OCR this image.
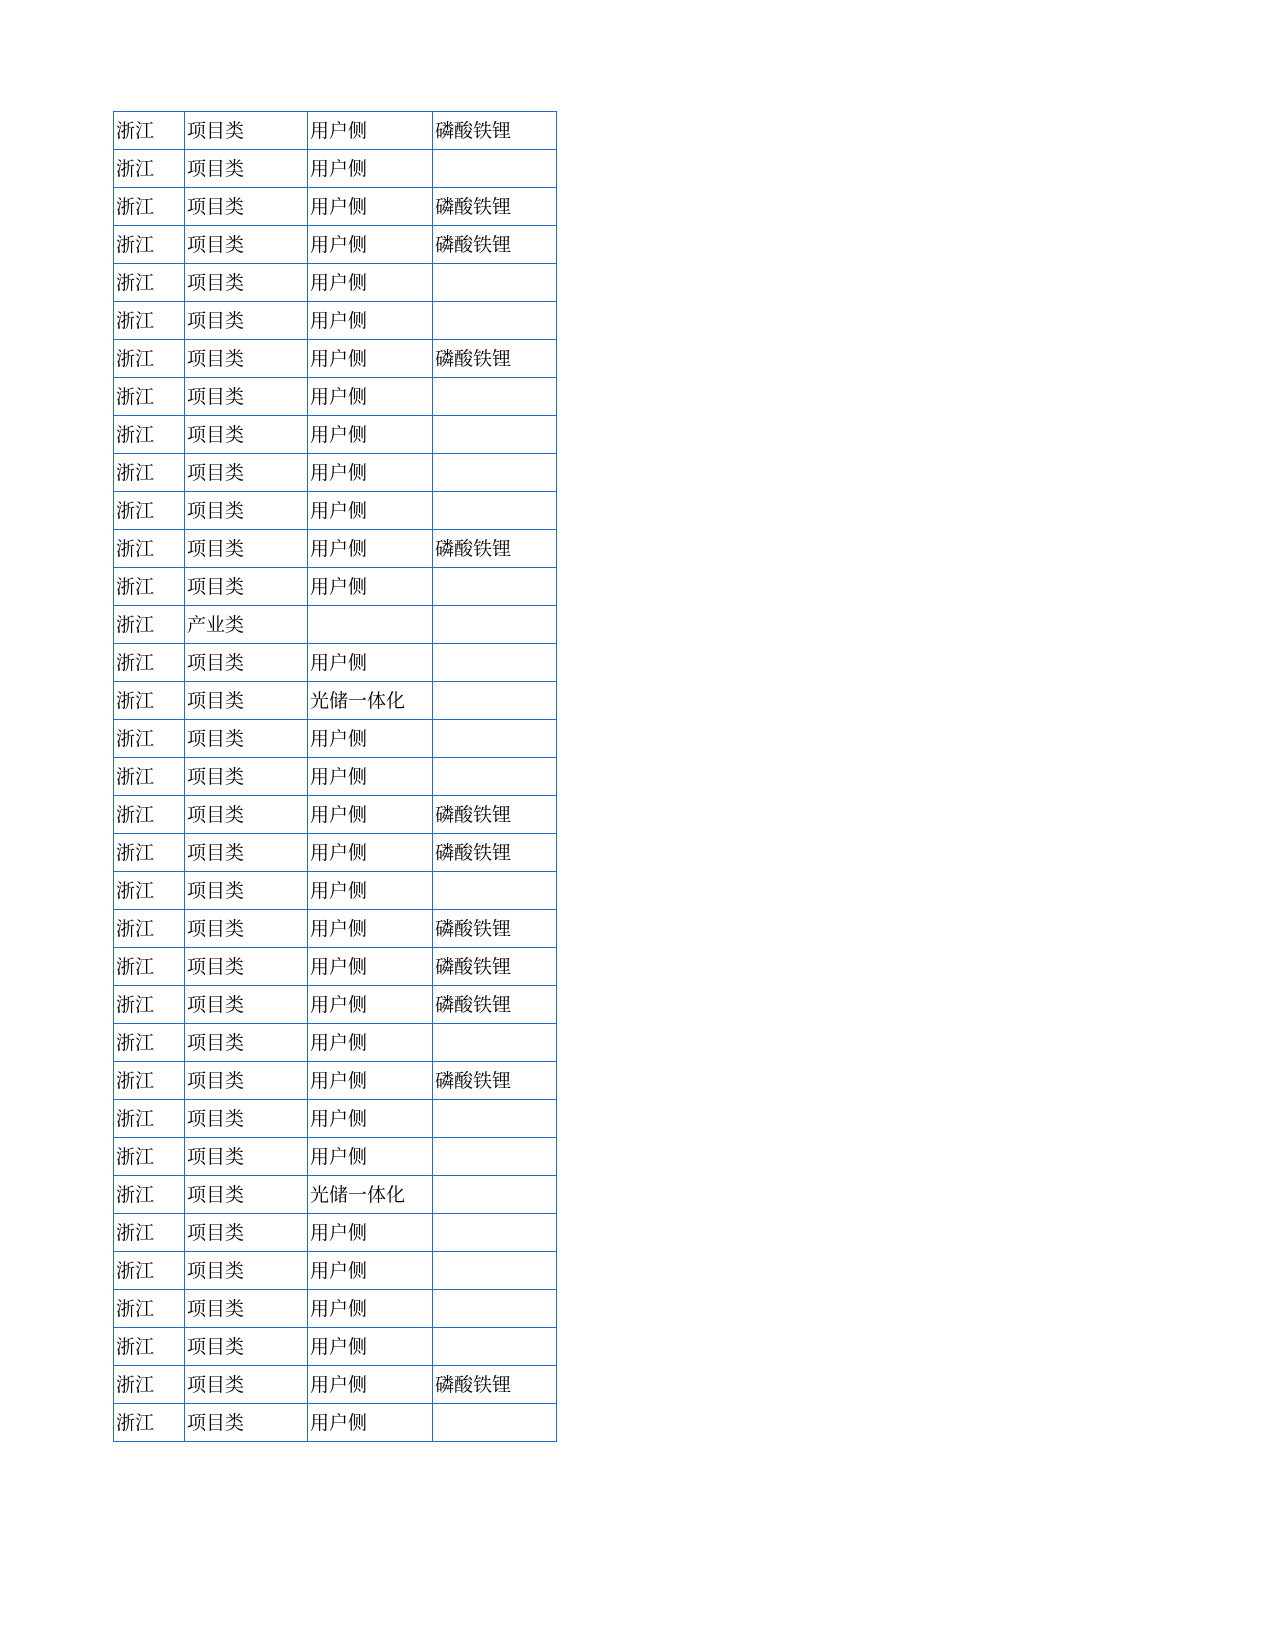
浙江	项目类	用户侧	磷酸铁锂
浙江	项目类	用户侧	
浙江	项目类	用户侧	磷酸铁锂
浙江	项目类	用户侧	磷酸铁锂
浙江	项目类	用户侧	
浙江	项目类	用户侧	
浙江	项目类	用户侧	磷酸铁锂
浙江	项目类	用户侧	
浙江	项目类	用户侧	
浙江	项目类	用户侧	
浙江	项目类	用户侧	
浙江	项目类	用户侧	磷酸铁锂
浙江	项目类	用户侧	
浙江	产业类		
浙江	项目类	用户侧	
浙江	项目类	光储一体化	
浙江	项目类	用户侧	
浙江	项目类	用户侧	
浙江	项目类	用户侧	磷酸铁锂
浙江	项目类	用户侧	磷酸铁锂
浙江	项目类	用户侧	
浙江	项目类	用户侧	磷酸铁锂
浙江	项目类	用户侧	磷酸铁锂
浙江	项目类	用户侧	磷酸铁锂
浙江	项目类	用户侧	
浙江	项目类	用户侧	磷酸铁锂
浙江	项目类	用户侧	
浙江	项目类	用户侧	
浙江	项目类	光储一体化	
浙江	项目类	用户侧	
浙江	项目类	用户侧	
浙江	项目类	用户侧	
浙江	项目类	用户侧	
浙江	项目类	用户侧	磷酸铁锂
浙江	项目类	用户侧	
